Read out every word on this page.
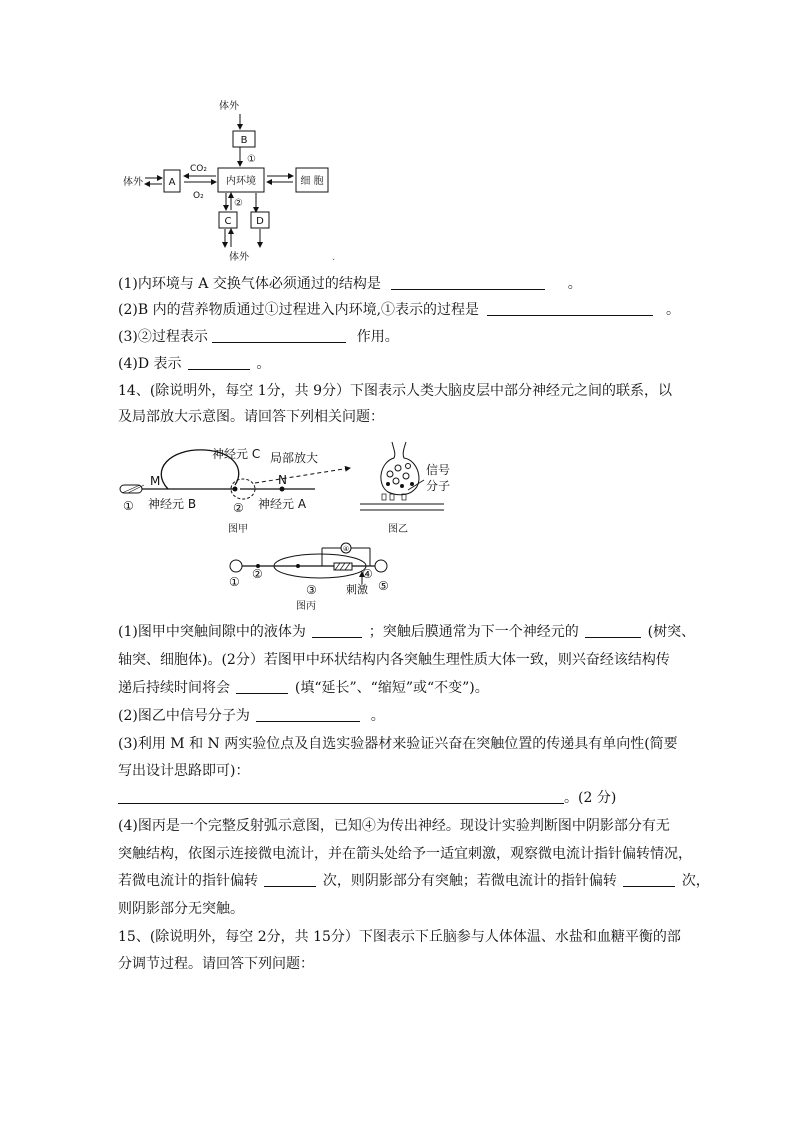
体外
B
①
体外	A
CO₂
O₂
内环境	细 胞
②
C D
体外	ˇ
(1)内环境与 A 交换气体必须通过的结构是	。
(2)B 内的营养物质通过①过程进入内环境,①表示的过程是	。
(3)②过程表示	作用。
(4)D 表示	。
14、(除说明外，每空 1分，共 9分）下图表示人类大脑皮层中部分神经元之间的联系，以
及局部放大示意图。请回答下列相关问题：
神经元 C 局部放大
M	N
① 神经元 B	② 神经元 A
图甲
信号
分子
图乙
④
①
②
③
④
⑤
刺激
图丙
(1)图甲中突触间隙中的液体为	；突触后膜通常为下一个神经元的	(树突、
轴突、细胞体)。(2分）若图甲中环状结构内各突触生理性质大体一致，则兴奋经该结构传
递后持续时间将会	(填“延长”、“缩短”或“不变”)。
(2)图乙中信号分子为	。
(3)利用 M 和 N 两实验位点及自选实验器材来验证兴奋在突触位置的传递具有单向性(简要
写出设计思路即可)：
。(2 分)
(4)图丙是一个完整反射弧示意图，已知④为传出神经。现设计实验判断图中阴影部分有无
突触结构，依图示连接微电流计，并在箭头处给予一适宜刺激，观察微电流计指针偏转情况，
若微电流计的指针偏转	次，则阴影部分有突触；若微电流计的指针偏转	次，
则阴影部分无突触。
15、(除说明外，每空 2分，共 15分）下图表示下丘脑参与人体体温、水盐和血糖平衡的部
分调节过程。请回答下列问题：
